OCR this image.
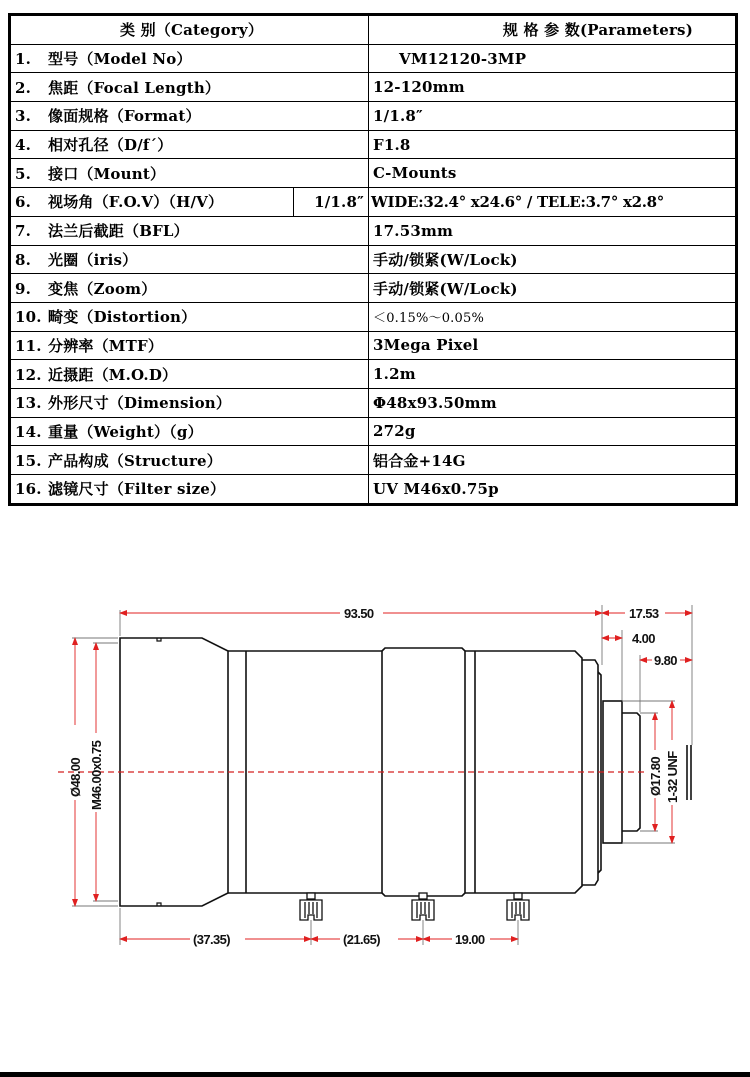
类 别（Category）		规 格 参 数(Parameters)
1. 型号（Model No）		VM12120-3MP
2. 焦距（Focal Length）		12-120mm
3. 像面规格（Format）		1/1.8″
4. 相对孔径（D/f´）		F1.8
5. 接口（Mount）		C-Mounts
6. 视场角（F.O.V）（H/V）	1/1.8″	WIDE:32.4° x24.6° / TELE:3.7° x2.8°
7. 法兰后截距（BFL）		17.53mm
8. 光圈（iris）		手动/锁紧(W/Lock)
9. 变焦（Zoom）		手动/锁紧(W/Lock)
10. 畸变（Distortion）		＜0.15%～0.05%
11. 分辨率（MTF）		3Mega Pixel
12. 近摄距（M.O.D）		1.2m
13. 外形尺寸（Dimension）		Φ48x93.50mm
14. 重量（Weight）（g）		272g
15. 产品构成（Structure）		铝合金+14G
16. 滤镜尺寸（Filter size）		UV M46x0.75p
93.50	17.53
4.00
9.80
Ø48.00 M46.00x0.75	Ø17.80 1-32 UNF
(37.35)	(21.65)	19.00
